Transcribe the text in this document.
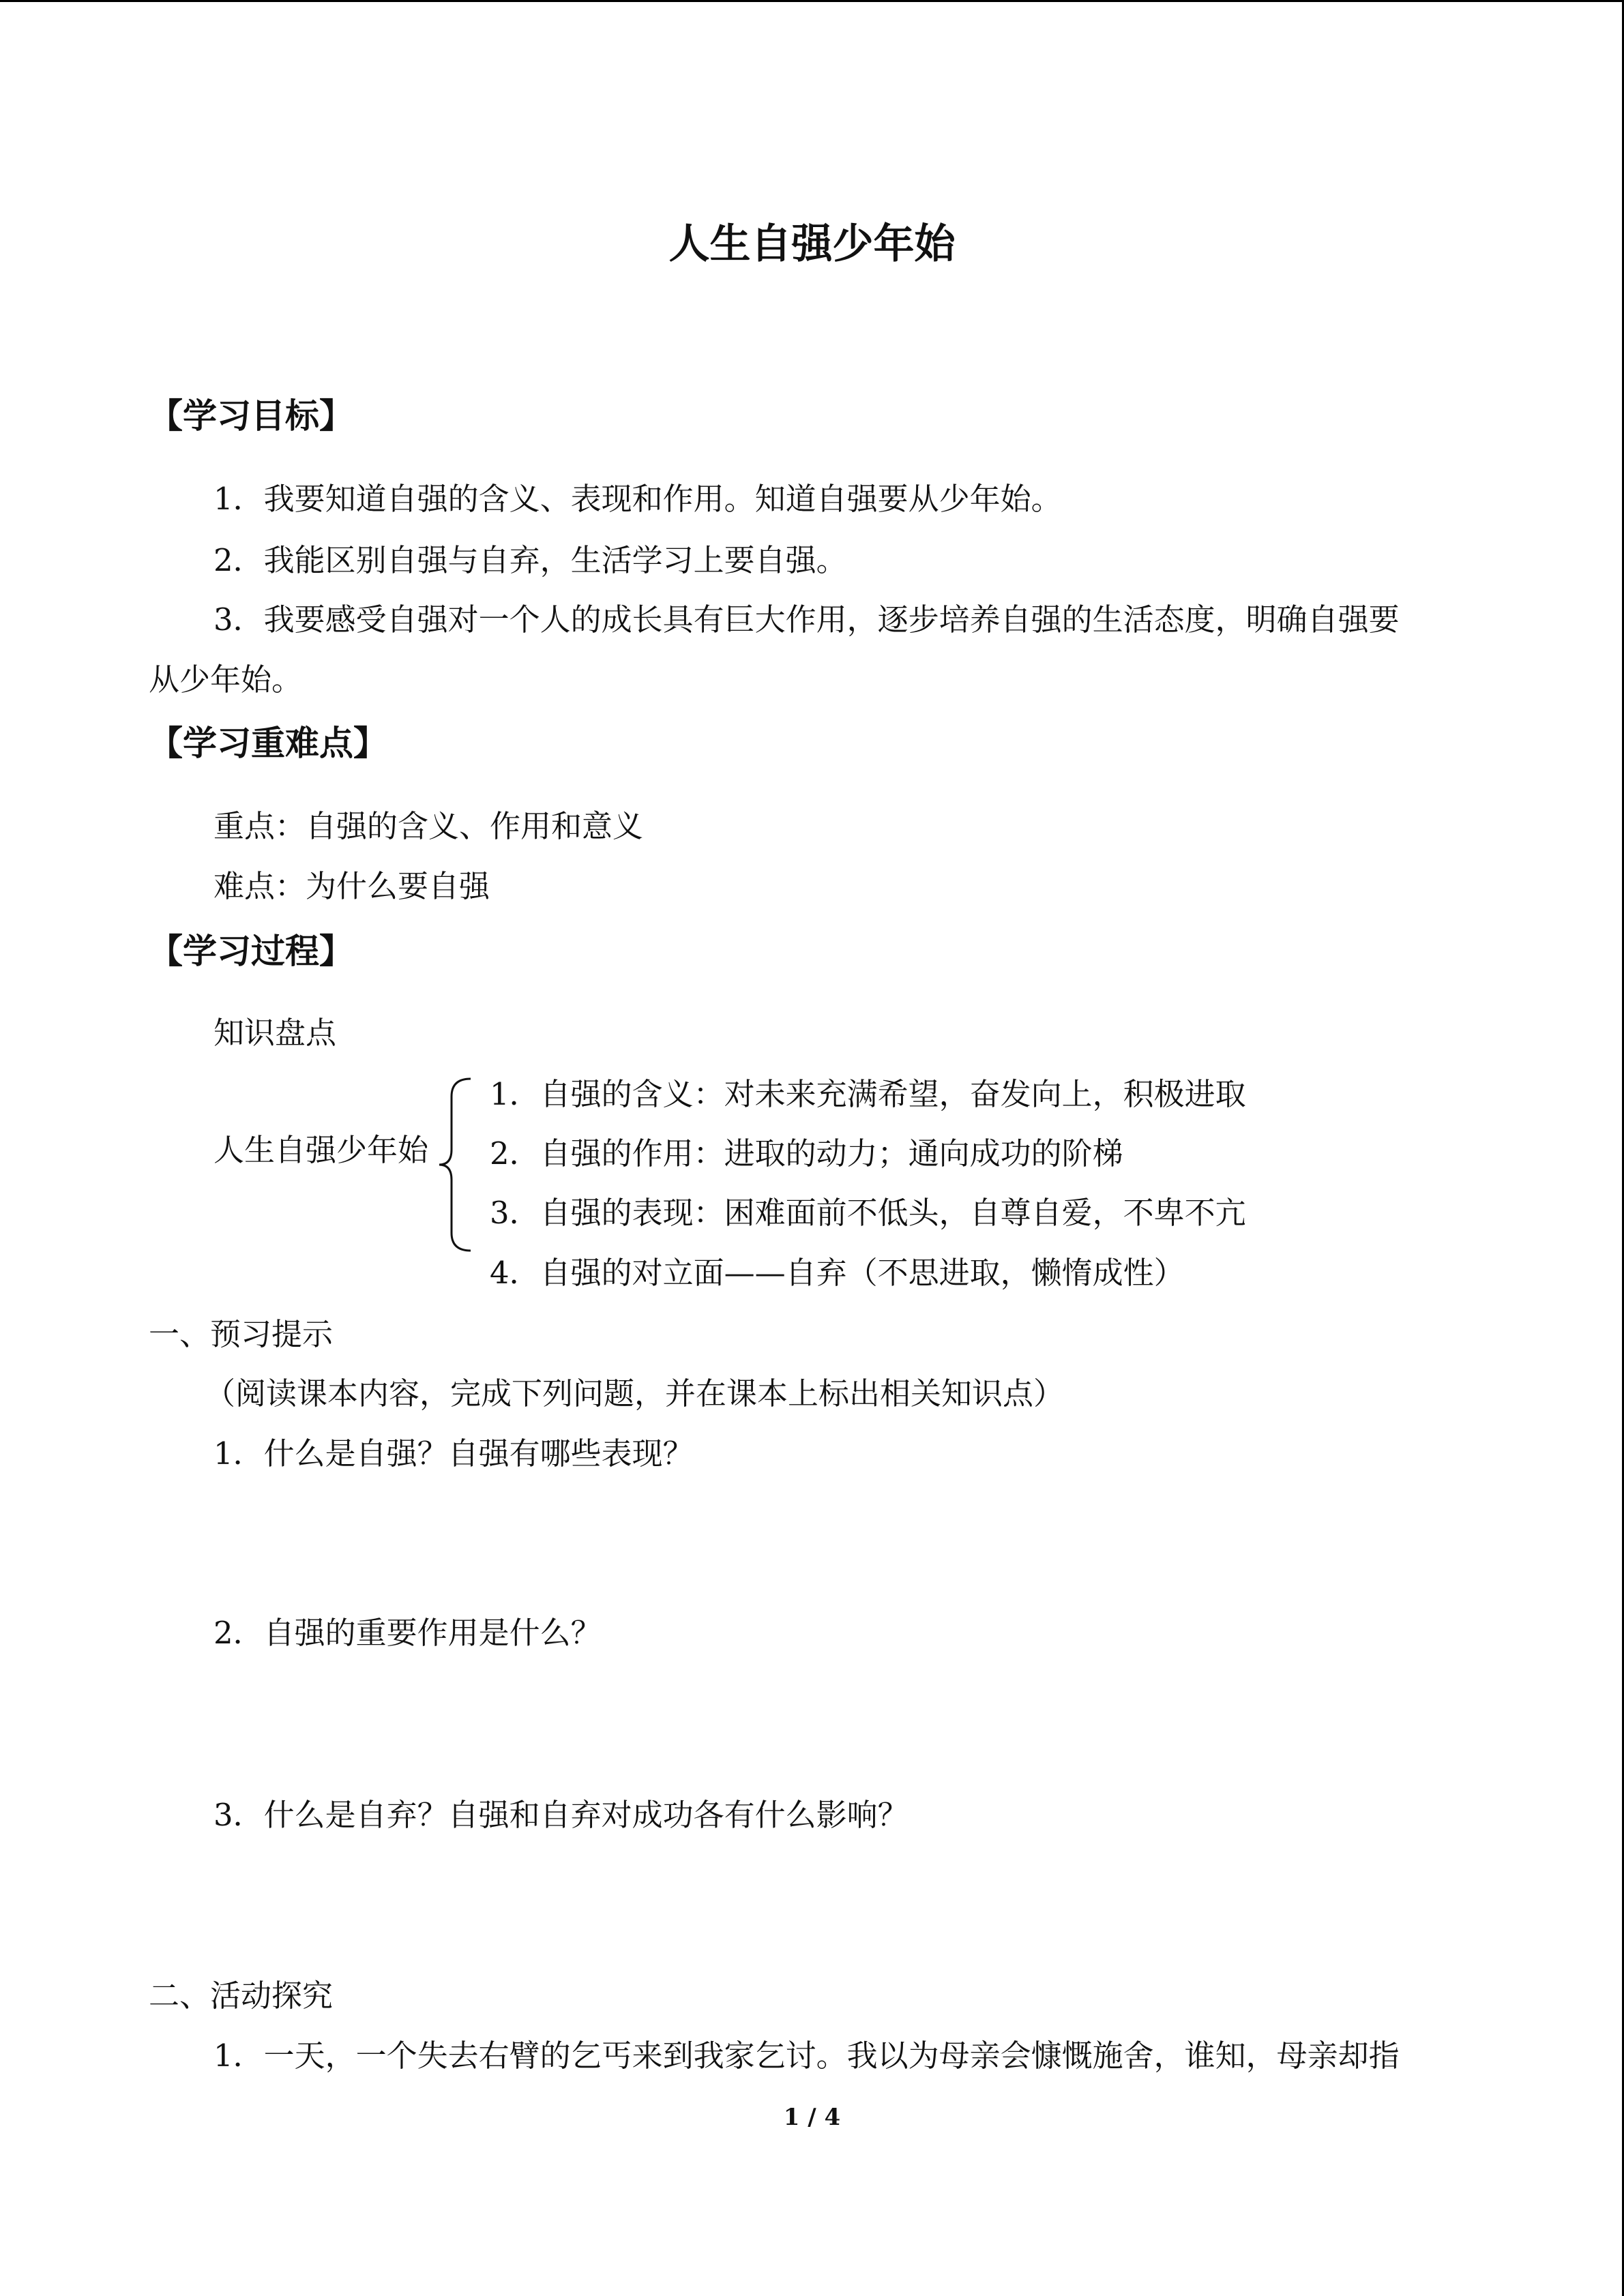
人生自强少年始
【学习目标】
1．我要知道自强的含义、表现和作用。知道自强要从少年始。
2．我能区别自强与自弃，生活学习上要自强。
3．我要感受自强对一个人的成长具有巨大作用，逐步培养自强的生活态度，明确自强要
从少年始。
【学习重难点】
重点：自强的含义、作用和意义
难点：为什么要自强
【学习过程】
知识盘点
人生自强少年始
1．自强的含义：对未来充满希望，奋发向上，积极进取
2．自强的作用：进取的动力；通向成功的阶梯
3．自强的表现：困难面前不低头，自尊自爱，不卑不亢
4．自强的对立面——自弃（不思进取，懒惰成性）
一、预习提示
（阅读课本内容，完成下列问题，并在课本上标出相关知识点）
1．什么是自强？自强有哪些表现？
2．自强的重要作用是什么？
3．什么是自弃？自强和自弃对成功各有什么影响？
二、活动探究
1．一天，一个失去右臂的乞丐来到我家乞讨。我以为母亲会慷慨施舍，谁知，母亲却指
1 / 4
